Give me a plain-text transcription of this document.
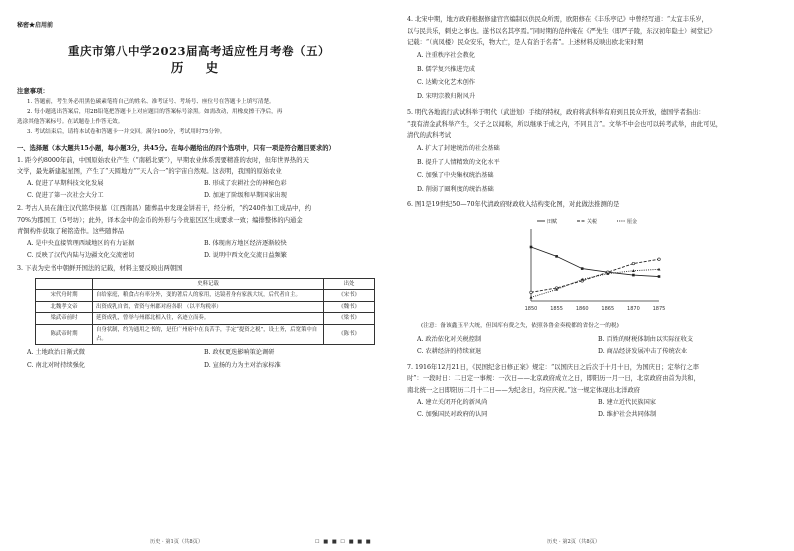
秘密★启用前

重庆市第八中学2023届高考适应性月考卷（五）

历 史

注意事项：

1. 答题前，考生务必用黑色碳素笔将自己的姓名、准考证号、考场号、座位号在答题卡上填写清楚。

2. 每小题选出答案后，用2B铅笔把答题卡上对应题目的答案标号涂黑。如需改动，用橡皮擦干净后，再

选涂其他答案标号。在试题卷上作答无效。

3. 考试结束后，请将本试卷和答题卡一并交回。满分100分，考试用时75分钟。

一、选择题（本大题共15小题，每小题3分，共45分。在每小题给出的四个选项中，只有一项是符合题目要求的）

1. 距今约8000年前，中国原始农业产生（“南稻北粟”），早期农业体系需要精准的农时，但年世界热的天

文学，最先新建起星图，产生了“天圆地方”“天人合一”的宇宙自然观。这表明，我国的原始农业

A. 促进了早期科技文化发展	B. 形成了农耕社会的神秘色彩
C. 促进了第一次社会大分工	D. 加速了阶级和早期国家出现

2. 考古人员在蒲庄汉代铭华侯墓（江西南昌）随葬品中发现金饼若干，经分析，“约240件加工成品中，约

70%为郡国工（5号坊）；此外，译本金中的金币的外形与今贵旅区区生成要求一致；编排整体的内通金

青铜构件获取了秘铭造作。这些随葬品

A. 是中央直接管理西域地区的有力证据	B. 体现南方地区经济逐渐较快
C. 反映了汉代内陆与边疆文化交流密切	D. 说明中西文化交流日益频繁

3. 下表为史书中朝鲜开国法的记载，材料主要反映出两朝国

	史料记载	出处
宋代舟时期	自给家庭，粮食占有率分外，变的著后人的家用，达镜者身有家族大坑，后代者自主。	《宋书》
北魏孝文帝	出资成乳自省，省资与州郡对府各职 （以平均税率）	《魏书》
梁武帝前时	延资成乳，曾举与州郡北相入往，名迹立而奏。	《梁书》
陈武帝时期	自身状制，约为通用之书的，是任广州府中在良苦手，手定“提资之税”，设土务，后宽策中自占。	《陈书》
A. 土地政治日渐式微	B. 政权更迭影响策论调研
C. 南北对时持续强化	D. 宣扬的力为主对治家标准
历史 · 第1页（共8页）	☐ ■ ■ ☐ ■ ■ ■

4. 北宋中期，地方政府根据修建官宫编制以供民众所需，欧阳修在《丰乐亭记》中曾经写道：“太宜丰乐岁，

以与民共乐，刺史之事也。遂书以名其亭焉。”同时期的范仲淹在《严先生（即严子陵，东汉初年隐士）祠堂记》

记载：“（真凤楼）民众安乐，物大亡，是人有治于名者”。上述材料反映出欧北宋时期

A. 注重秩序社会教化

B. 儒学复兴推进完成

C. 达勤文化艺术创作

D. 宋明宗教归附风升

5. 明代各地流行武试科举于明代（武进划）手续的特权，政府将武科举有府到且民众开放，德国学者指出：

“我有清金武科举产生，父子之以闻称，所以继承于成之内，不同且言”。文举不中会也可以转考武举，由此可见，

清代的武科考试

A. 扩大了封建统治的社会基础

B. 提升了人情精致的文化水平

C. 加强了中央集权统治基础

D. 削弱了圈利度的统治基础

6. 图1是19世纪50—70年代清政府财政收入结构变化图，对此做法推测的是

1850	1855	1860	1865	1870	1875
田赋	关税	厘金

(注意：备该鑫玉平大统，但国库有费之失，依照各鲁金奏税都的省份之一的税)

A. 政治依化对关税控制	B. 百姓的财税体制由以实际征收支
C. 农耕经济的持续衰退	D. 商品经济发展冲击了传统农业

7. 1916年12月21日，《民国纪念日修正案》规定：“以国庆日之后次于十月十日，为国庆日；定举行之率

时”：一段时日：二日定一事规：一次日——北京政府成立之日，即阳历一月一日，北京政府由首为共和，

南北统一之日即阳历二月十二日——为纪念日，均应庆祝。”这一规定体现出北洋政府

A. 建立关闭开化的新风尚	B. 建立近代民族国家
C. 加强国民对政府的认同	D. 维护社会共同体制
历史 · 第2页（共8页）
